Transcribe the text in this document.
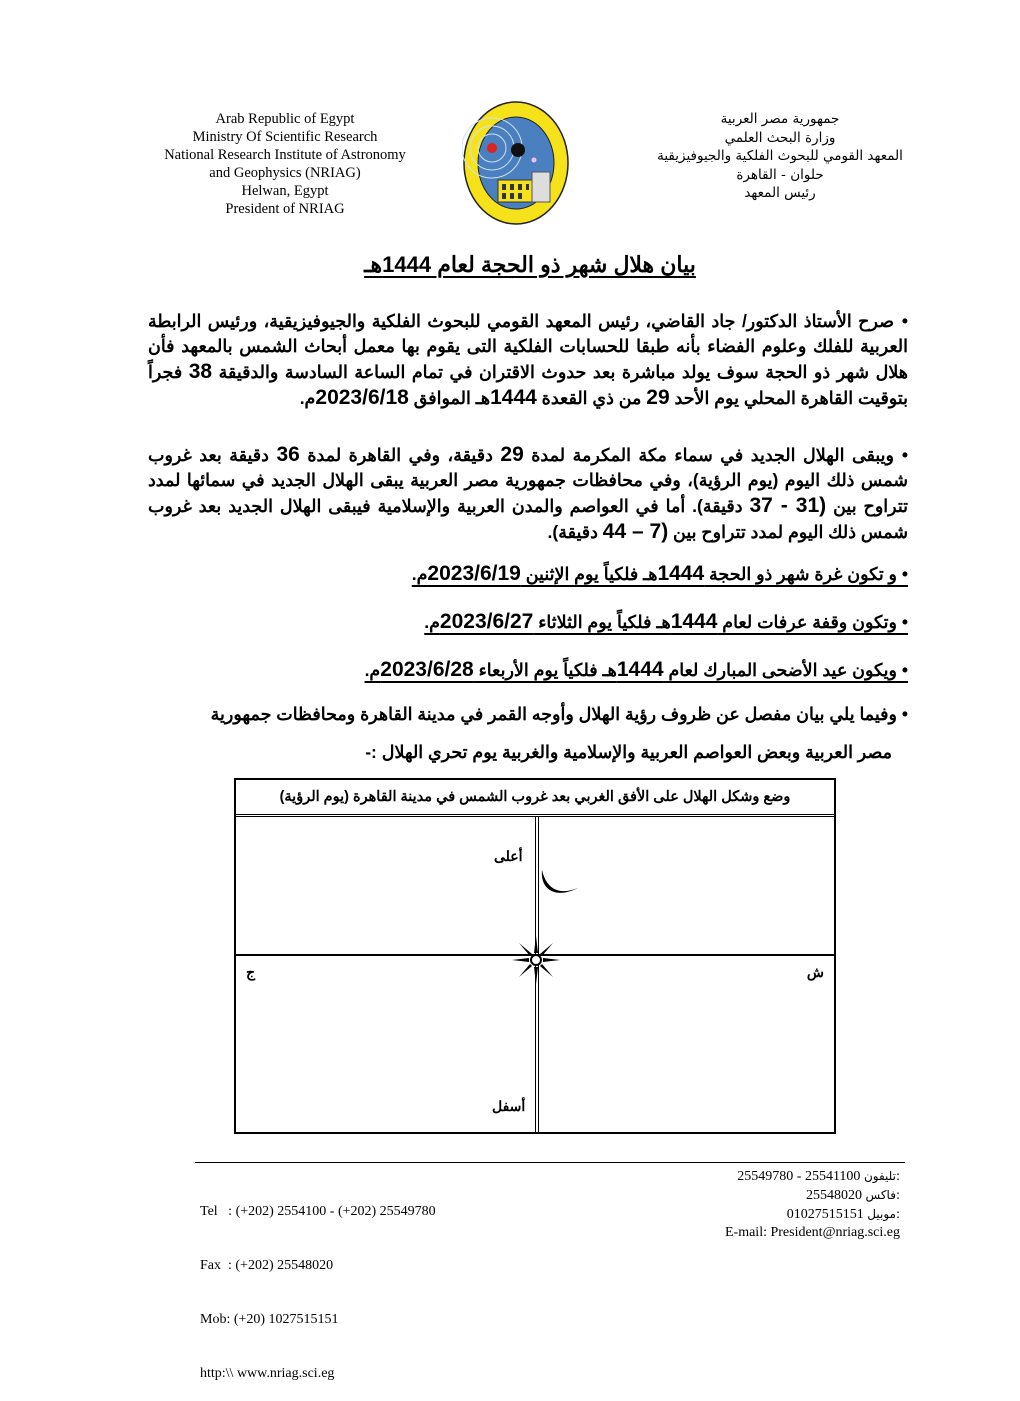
Arab Republic of Egypt
Ministry Of Scientific Research
National Research Institute of Astronomy
and Geophysics (NRIAG)
Helwan, Egypt
President of NRIAG
جمهورية مصر العربية
وزارة البحث العلمي
المعهد القومي للبحوث الفلكية والجيوفيزيقية
حلوان - القاهرة
رئيس المعهد
بيان هلال شهر ذو الحجة لعام 1444هـ
•صرح الأستاذ الدكتور/ جاد القاضي، رئيس المعهد القومي للبحوث الفلكية والجيوفيزيقية، ورئيس الرابطة العربية للفلك وعلوم الفضاء بأنه طبقا للحسابات الفلكية التى يقوم بها معمل أبحاث الشمس بالمعهد فأن هلال شهر ذو الحجة سوف يولد مباشرة بعد حدوث الاقتران في تمام الساعة السادسة والدقيقة 38 فجراً بتوقيت القاهرة المحلي يوم الأحد 29 من ذي القعدة 1444هـ الموافق 2023/6/18م.
•ويبقى الهلال الجديد في سماء مكة المكرمة لمدة 29 دقيقة، وفي القاهرة لمدة 36 دقيقة بعد غروب شمس ذلك اليوم (يوم الرؤية)، وفي محافظات جمهورية مصر العربية يبقى الهلال الجديد في سمائها لمدد تتراوح بين (31 - 37 دقيقة). أما في العواصم والمدن العربية والإسلامية فيبقى الهلال الجديد بعد غروب شمس ذلك اليوم لمدد تتراوح بين (7 – 44 دقيقة).
• و تكون غرة شهر ذو الحجة 1444هـ فلكياً يوم الإثنين 2023/6/19م.
• وتكون وقفة عرفات لعام 1444هـ فلكياً يوم الثلاثاء 2023/6/27م.
• ويكون عيد الأضحى المبارك لعام 1444هـ فلكياً يوم الأربعاء 2023/6/28م.
• وفيما يلي بيان مفصل عن ظروف رؤية الهلال وأوجه القمر في مدينة القاهرة ومحافظات جمهورية
مصر العربية وبعض العواصم العربية والإسلامية والغربية يوم تحري الهلال :-
وضع وشكل الهلال على الأفق الغربي بعد غروب الشمس في مدينة القاهرة (يوم الرؤية)
أعلى
أسفل
ج	ش

Tel   : (+202) 2554100 - (+202) 25549780

Fax  : (+202) 25548020

Mob: (+20) 1027515151

http:\\ www.nriag.sci.eg

25549780 - 25541100 تليفون:
25548020 فاكس:
01027515151 موبيل:
E-mail: President@nriag.sci.eg
